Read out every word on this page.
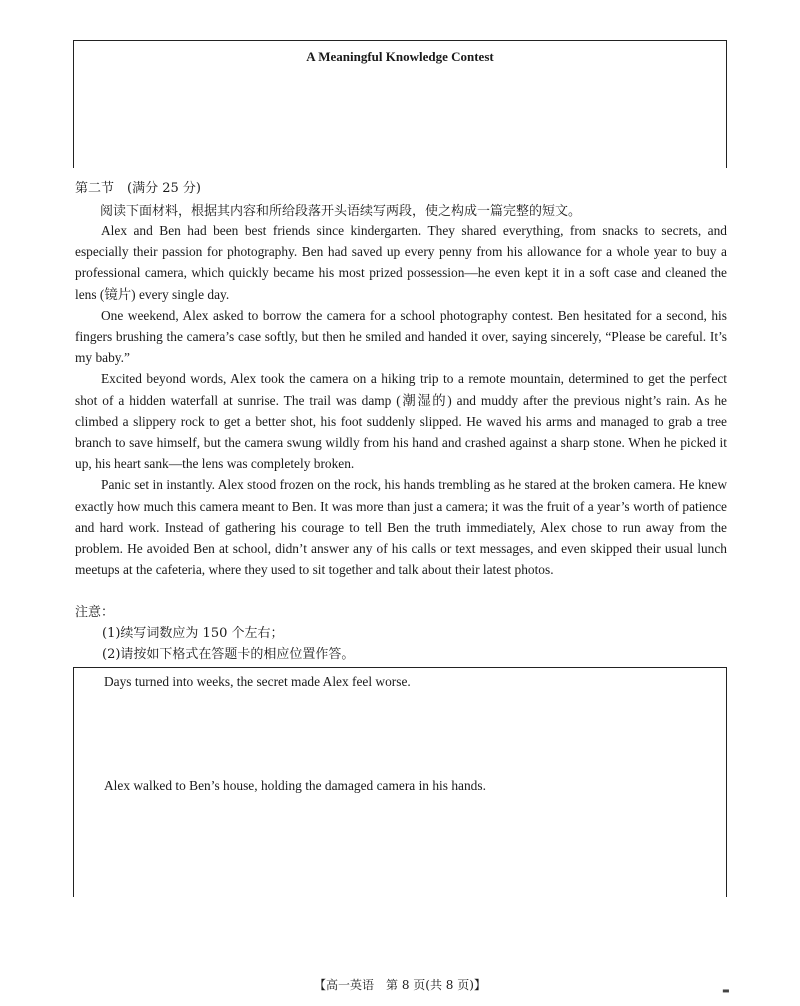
A Meaningful Knowledge Contest
第二节　(满分 25 分)
阅读下面材料，根据其内容和所给段落开头语续写两段，使之构成一篇完整的短文。

Alex and Ben had been best friends since kindergarten. They shared everything, from snacks to secrets, and especially their passion for photography. Ben had saved up every penny from his allowance for a whole year to buy a professional camera, which quickly became his most prized possession—he even kept it in a soft case and cleaned the lens (镜片) every single day.

One weekend, Alex asked to borrow the camera for a school photography contest. Ben hesitated for a second, his fingers brushing the camera’s case softly, but then he smiled and handed it over, saying sincerely, “Please be careful. It’s my baby.”

Excited beyond words, Alex took the camera on a hiking trip to a remote mountain, determined to get the perfect shot of a hidden waterfall at sunrise. The trail was damp (潮湿的) and muddy after the previous night’s rain. As he climbed a slippery rock to get a better shot, his foot suddenly slipped. He waved his arms and managed to grab a tree branch to save himself, but the camera swung wildly from his hand and crashed against a sharp stone. When he picked it up, his heart sank—the lens was completely broken.

Panic set in instantly. Alex stood frozen on the rock, his hands trembling as he stared at the broken camera. He knew exactly how much this camera meant to Ben. It was more than just a camera; it was the fruit of a year’s worth of patience and hard work. Instead of gathering his courage to tell Ben the truth immediately, Alex chose to run away from the problem. He avoided Ben at school, didn’t answer any of his calls or text messages, and even skipped their usual lunch meetups at the cafeteria, where they used to sit together and talk about their latest photos.

注意：
(1)续写词数应为 150 个左右；
(2)请按如下格式在答题卡的相应位置作答。
Days turned into weeks, the secret made Alex feel worse.
Alex walked to Ben’s house, holding the damaged camera in his hands.
【高一英语　第 8 页(共 8 页)】	▬
